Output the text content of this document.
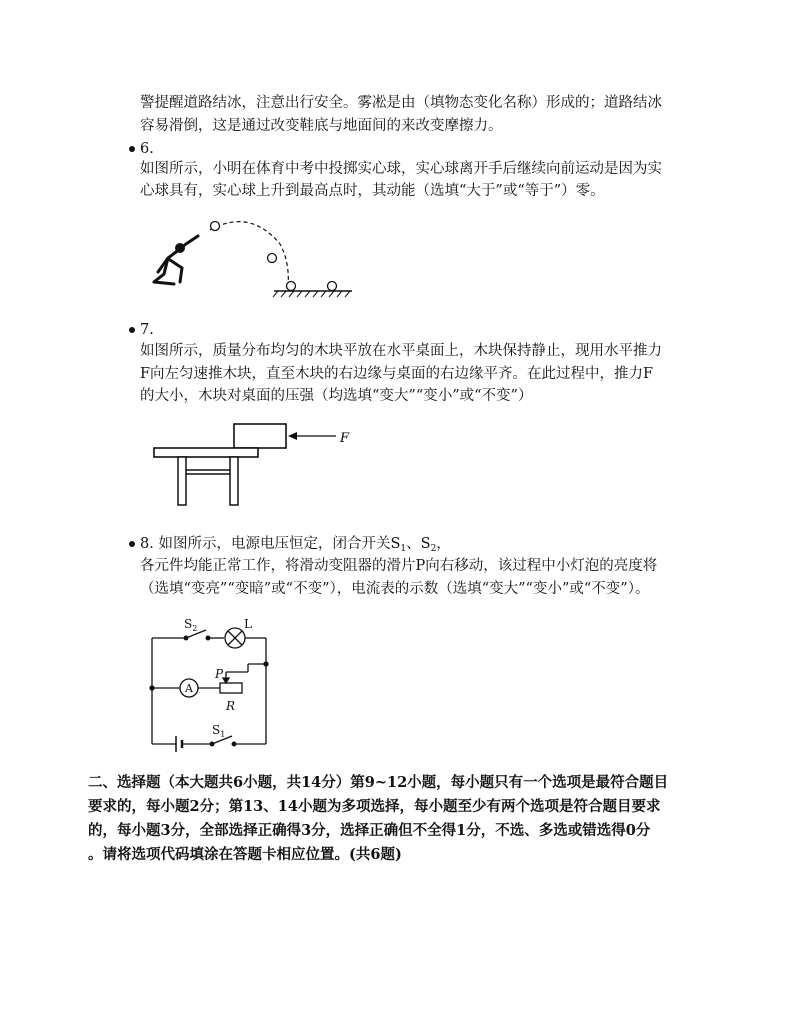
警提醒道路结冰，注意出行安全。雾凇是由（填物态变化名称）形成的；道路结冰
容易滑倒，这是通过改变鞋底与地面间的来改变摩擦力。
6.
如图所示，小明在体育中考中投掷实心球，实心球离开手后继续向前运动是因为实
心球具有，实心球上升到最高点时，其动能（选填“大于”或“等于”）零。
7.
如图所示，质量分布均匀的木块平放在水平桌面上，木块保持静止，现用水平推力
F向左匀速推木块，直至木块的右边缘与桌面的右边缘平齐。在此过程中，推力F
的大小，木块对桌面的压强（均选填“变大”“变小”或“不变”）
F
8. 如图所示，电源电压恒定，闭合开关$S_1$、$S_2$，
各元件均能正常工作，将滑动变阻器的滑片P向右移动，该过程中小灯泡的亮度将
（选填“变亮”“变暗”或“不变”），电流表的示数（选填“变大”“变小”或“不变”）。
$S_2$	L
A
P
R
$S_1$
二、选择题（本大题共6小题，共14分）第9~12小题，每小题只有一个选项是最符合题目
要求的，每小题2分；第13、14小题为多项选择，每小题至少有两个选项是符合题目要求
的，每小题3分，全部选择正确得3分，选择正确但不全得1分，不选、多选或错选得0分
。请将选项代码填涂在答题卡相应位置。(共6题)
